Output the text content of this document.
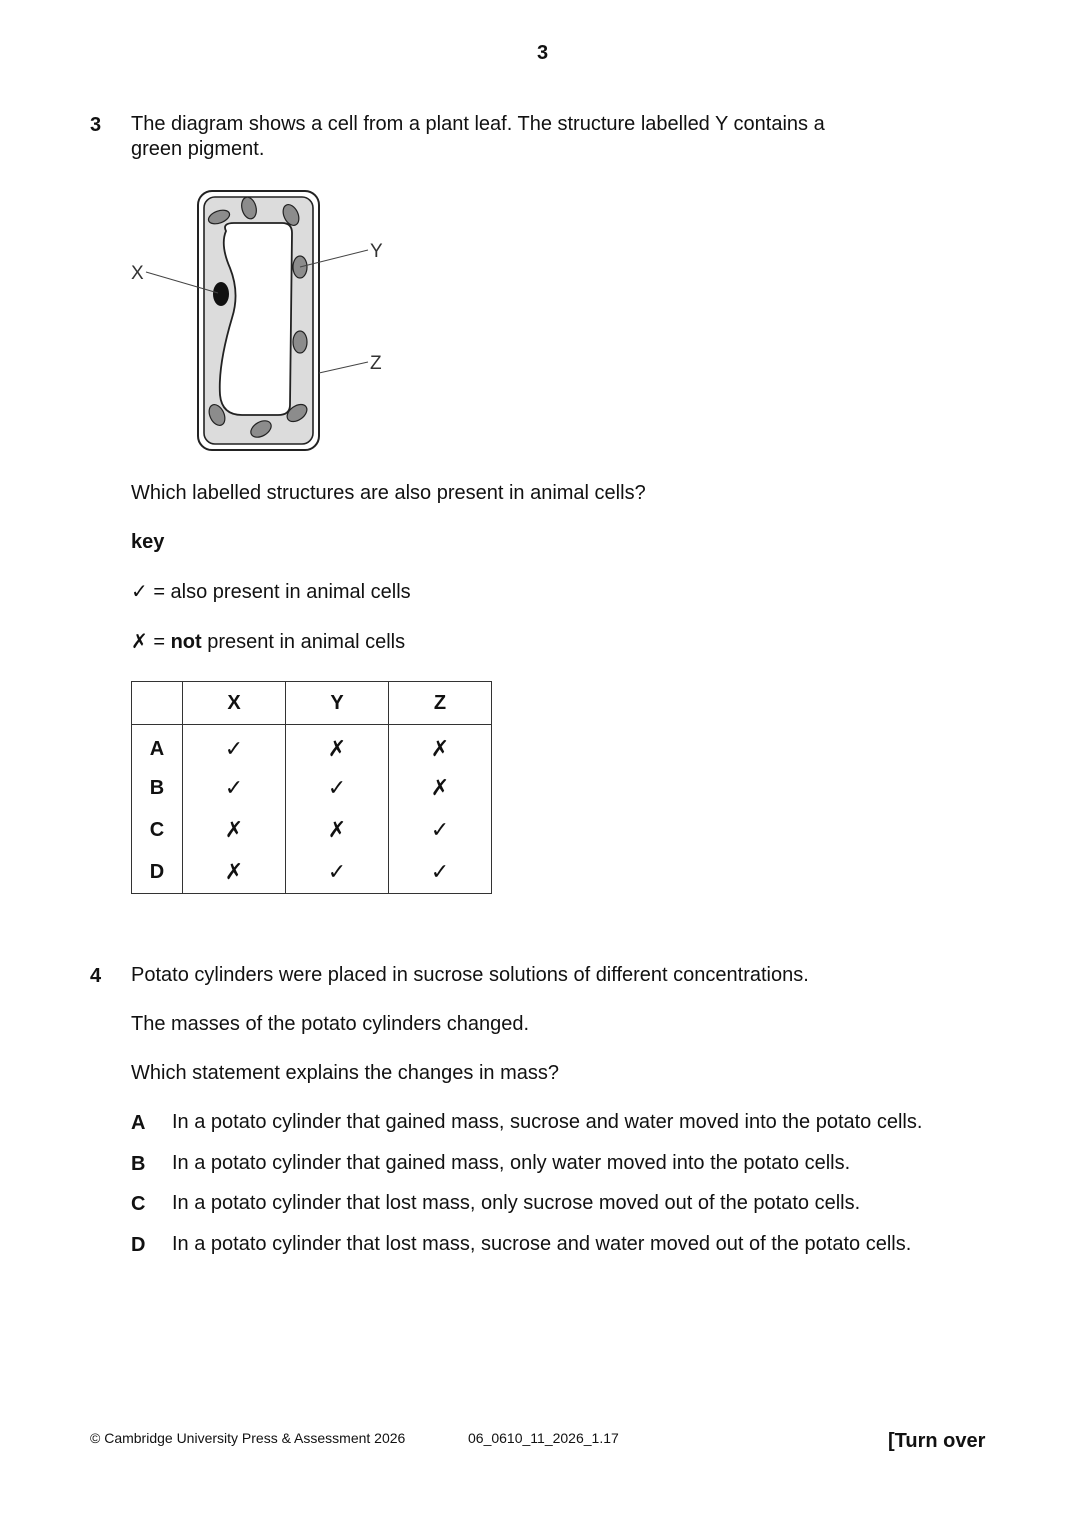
3
3 The diagram shows a cell from a plant leaf. The structure labelled Y contains a
green pigment.
X
Y
Z
Which labelled structures are also present in animal cells?
key
✓ = also present in animal cells
✗ = not present in animal cells
	X	Y	Z
A	✓	✗	✗
B	✓	✓	✗
C	✗	✗	✓
D	✗	✓	✓
4 Potato cylinders were placed in sucrose solutions of different concentrations.
The masses of the potato cylinders changed.
Which statement explains the changes in mass?
A In a potato cylinder that gained mass, sucrose and water moved into the potato cells.
B In a potato cylinder that gained mass, only water moved into the potato cells.
C In a potato cylinder that lost mass, only sucrose moved out of the potato cells.
D In a potato cylinder that lost mass, sucrose and water moved out of the potato cells.
© Cambridge University Press & Assessment 2026	06_0610_11_2026_1.17	[Turn over
